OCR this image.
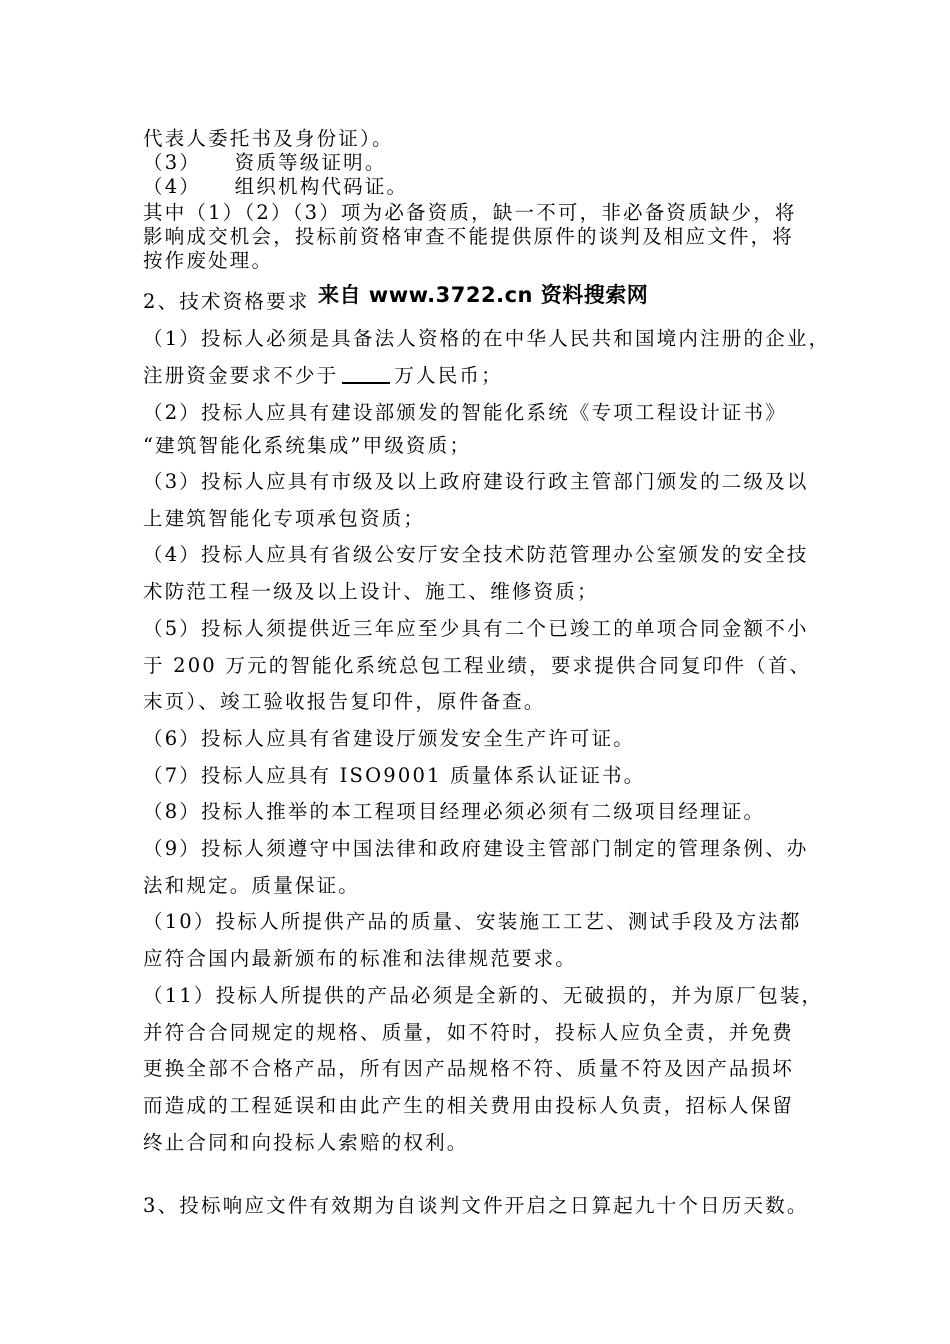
代表人委托书及身份证）。
（3）　　资质等级证明。
（4）　　组织机构代码证。
其中（1）（2）（3）项为必备资质，缺一不可，非必备资质缺少，将
影响成交机会，投标前资格审查不能提供原件的谈判及相应文件，将
按作废处理。
2、技术资格要求 来自 www.3722.cn 资料搜索网
（1）投标人必须是具备法人资格的在中华人民共和国境内注册的企业，
注册资金要求不少于	万人民币；
（2）投标人应具有建设部颁发的智能化系统《专项工程设计证书》
“建筑智能化系统集成”甲级资质；
（3）投标人应具有市级及以上政府建设行政主管部门颁发的二级及以
上建筑智能化专项承包资质；
（4）投标人应具有省级公安厅安全技术防范管理办公室颁发的安全技
术防范工程一级及以上设计、施工、维修资质；
（5）投标人须提供近三年应至少具有二个已竣工的单项合同金额不小
于 200 万元的智能化系统总包工程业绩，要求提供合同复印件（首、
末页）、竣工验收报告复印件，原件备查。
（6）投标人应具有省建设厅颁发安全生产许可证。
（7）投标人应具有 ISO9001 质量体系认证证书。
（8）投标人推举的本工程项目经理必须必须有二级项目经理证。
（9）投标人须遵守中国法律和政府建设主管部门制定的管理条例、办
法和规定。质量保证。
（10）投标人所提供产品的质量、安装施工工艺、测试手段及方法都
应符合国内最新颁布的标准和法律规范要求。
（11）投标人所提供的产品必须是全新的、无破损的，并为原厂包装，
并符合合同规定的规格、质量，如不符时，投标人应负全责，并免费
更换全部不合格产品，所有因产品规格不符、质量不符及因产品损坏
而造成的工程延误和由此产生的相关费用由投标人负责，招标人保留
终止合同和向投标人索赔的权利。
3、投标响应文件有效期为自谈判文件开启之日算起九十个日历天数。
